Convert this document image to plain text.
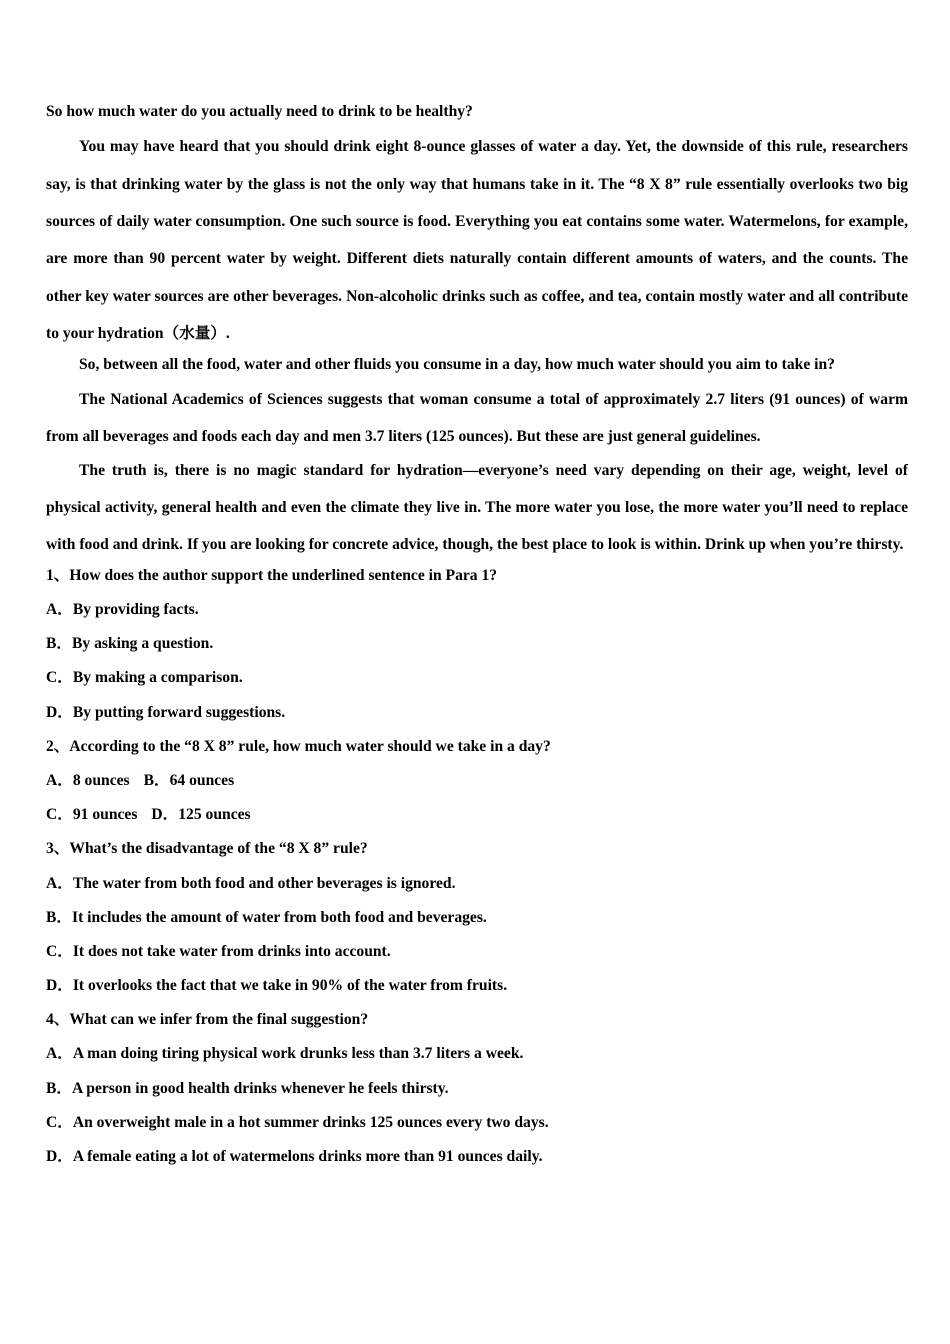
So how much water do you actually need to drink to be healthy?
You may have heard that you should drink eight 8-ounce glasses of water a day. Yet, the downside of this rule, researchers say, is that drinking water by the glass is not the only way that humans take in it. The “8 X 8” rule essentially overlooks two big sources of daily water consumption. One such source is food. Everything you eat contains some water. Watermelons, for example, are more than 90 percent water by weight. Different diets naturally contain different amounts of waters, and the counts. The other key water sources are other beverages. Non-alcoholic drinks such as coffee, and tea, contain mostly water and all contribute to your hydration（水量）.
So, between all the food, water and other fluids you consume in a day, how much water should you aim to take in?
The National Academics of Sciences suggests that woman consume a total of approximately 2.7 liters (91 ounces) of warm from all beverages and foods each day and men 3.7 liters (125 ounces). But these are just general guidelines.
The truth is, there is no magic standard for hydration—everyone’s need vary depending on their age, weight, level of physical activity, general health and even the climate they live in. The more water you lose, the more water you’ll need to replace with food and drink. If you are looking for concrete advice, though, the best place to look is within. Drink up when you’re thirsty.
1、How does the author support the underlined sentence in Para 1?
A．By providing facts.
B．By asking a question.
C．By making a comparison.
D．By putting forward suggestions.
2、According to the “8 X 8” rule, how much water should we take in a day?
A．8 ounces B．64 ounces
C．91 ounces D．125 ounces
3、What’s the disadvantage of the “8 X 8” rule?
A．The water from both food and other beverages is ignored.
B．It includes the amount of water from both food and beverages.
C．It does not take water from drinks into account.
D．It overlooks the fact that we take in 90% of the water from fruits.
4、What can we infer from the final suggestion?
A．A man doing tiring physical work drunks less than 3.7 liters a week.
B．A person in good health drinks whenever he feels thirsty.
C．An overweight male in a hot summer drinks 125 ounces every two days.
D．A female eating a lot of watermelons drinks more than 91 ounces daily.
